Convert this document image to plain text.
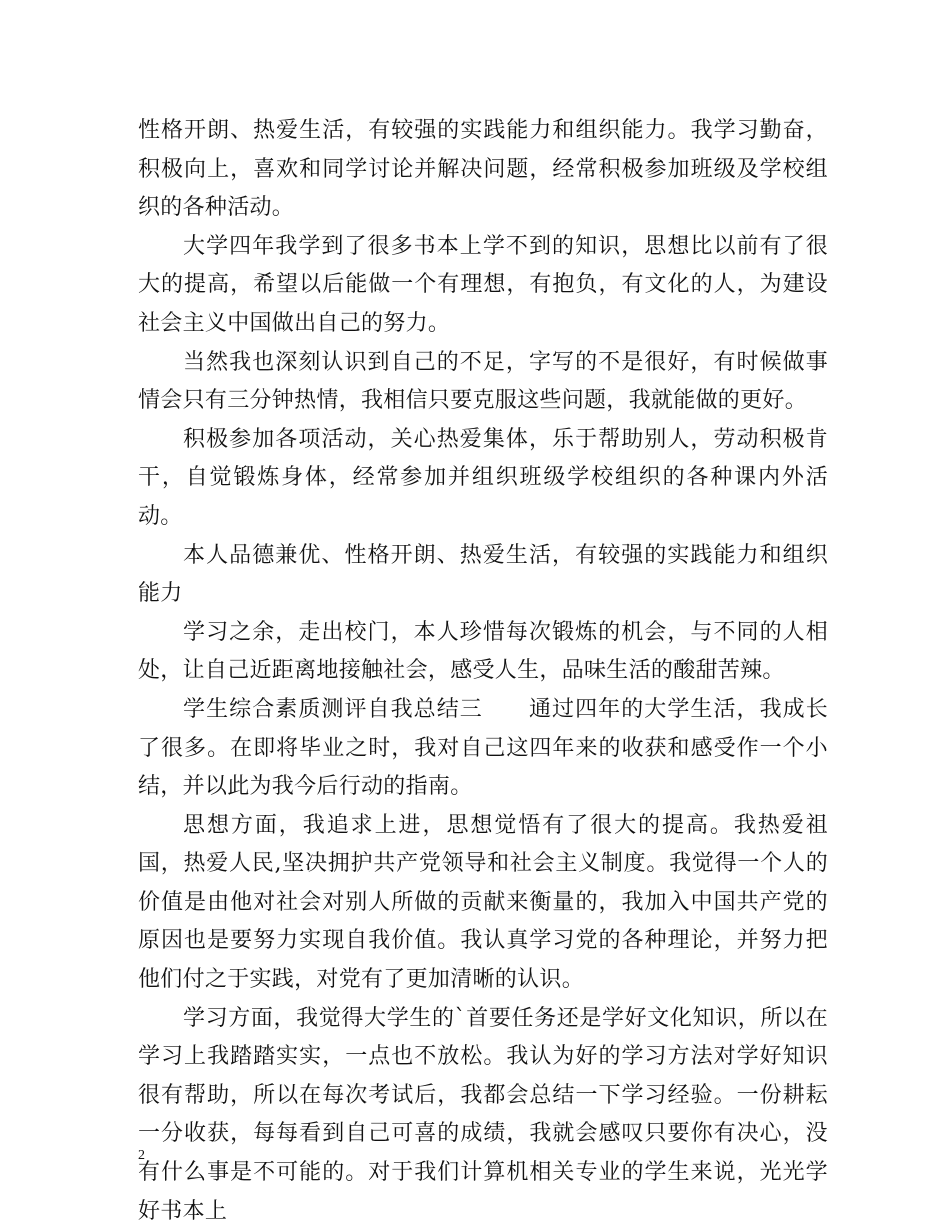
性格开朗、热爱生活，有较强的实践能力和组织能力。我学习勤奋，积极向上，喜欢和同学讨论并解决问题，经常积极参加班级及学校组织的各种活动。

大学四年我学到了很多书本上学不到的知识，思想比以前有了很大的提高，希望以后能做一个有理想，有抱负，有文化的人，为建设社会主义中国做出自己的努力。

当然我也深刻认识到自己的不足，字写的不是很好，有时候做事情会只有三分钟热情，我相信只要克服这些问题，我就能做的更好。

积极参加各项活动，关心热爱集体，乐于帮助别人，劳动积极肯干，自觉锻炼身体，经常参加并组织班级学校组织的各种课内外活动。

本人品德兼优、性格开朗、热爱生活，有较强的实践能力和组织能力

学习之余，走出校门，本人珍惜每次锻炼的机会，与不同的人相处，让自己近距离地接触社会，感受人生，品味生活的酸甜苦辣。

学生综合素质测评自我总结三　　通过四年的大学生活，我成长了很多。在即将毕业之时，我对自己这四年来的收获和感受作一个小结，并以此为我今后行动的指南。

思想方面，我追求上进，思想觉悟有了很大的提高。我热爱祖国，热爱人民,坚决拥护共产党领导和社会主义制度。我觉得一个人的价值是由他对社会对别人所做的贡献来衡量的，我加入中国共产党的原因也是要努力实现自我价值。我认真学习党的各种理论，并努力把他们付之于实践，对党有了更加清晰的认识。

学习方面，我觉得大学生的`首要任务还是学好文化知识，所以在学习上我踏踏实实，一点也不放松。我认为好的学习方法对学好知识很有帮助，所以在每次考试后，我都会总结一下学习经验。一份耕耘一分收获，每每看到自己可喜的成绩，我就会感叹只要你有决心，没有什么事是不可能的。对于我们计算机相关专业的学生来说，光光学好书本上

2
